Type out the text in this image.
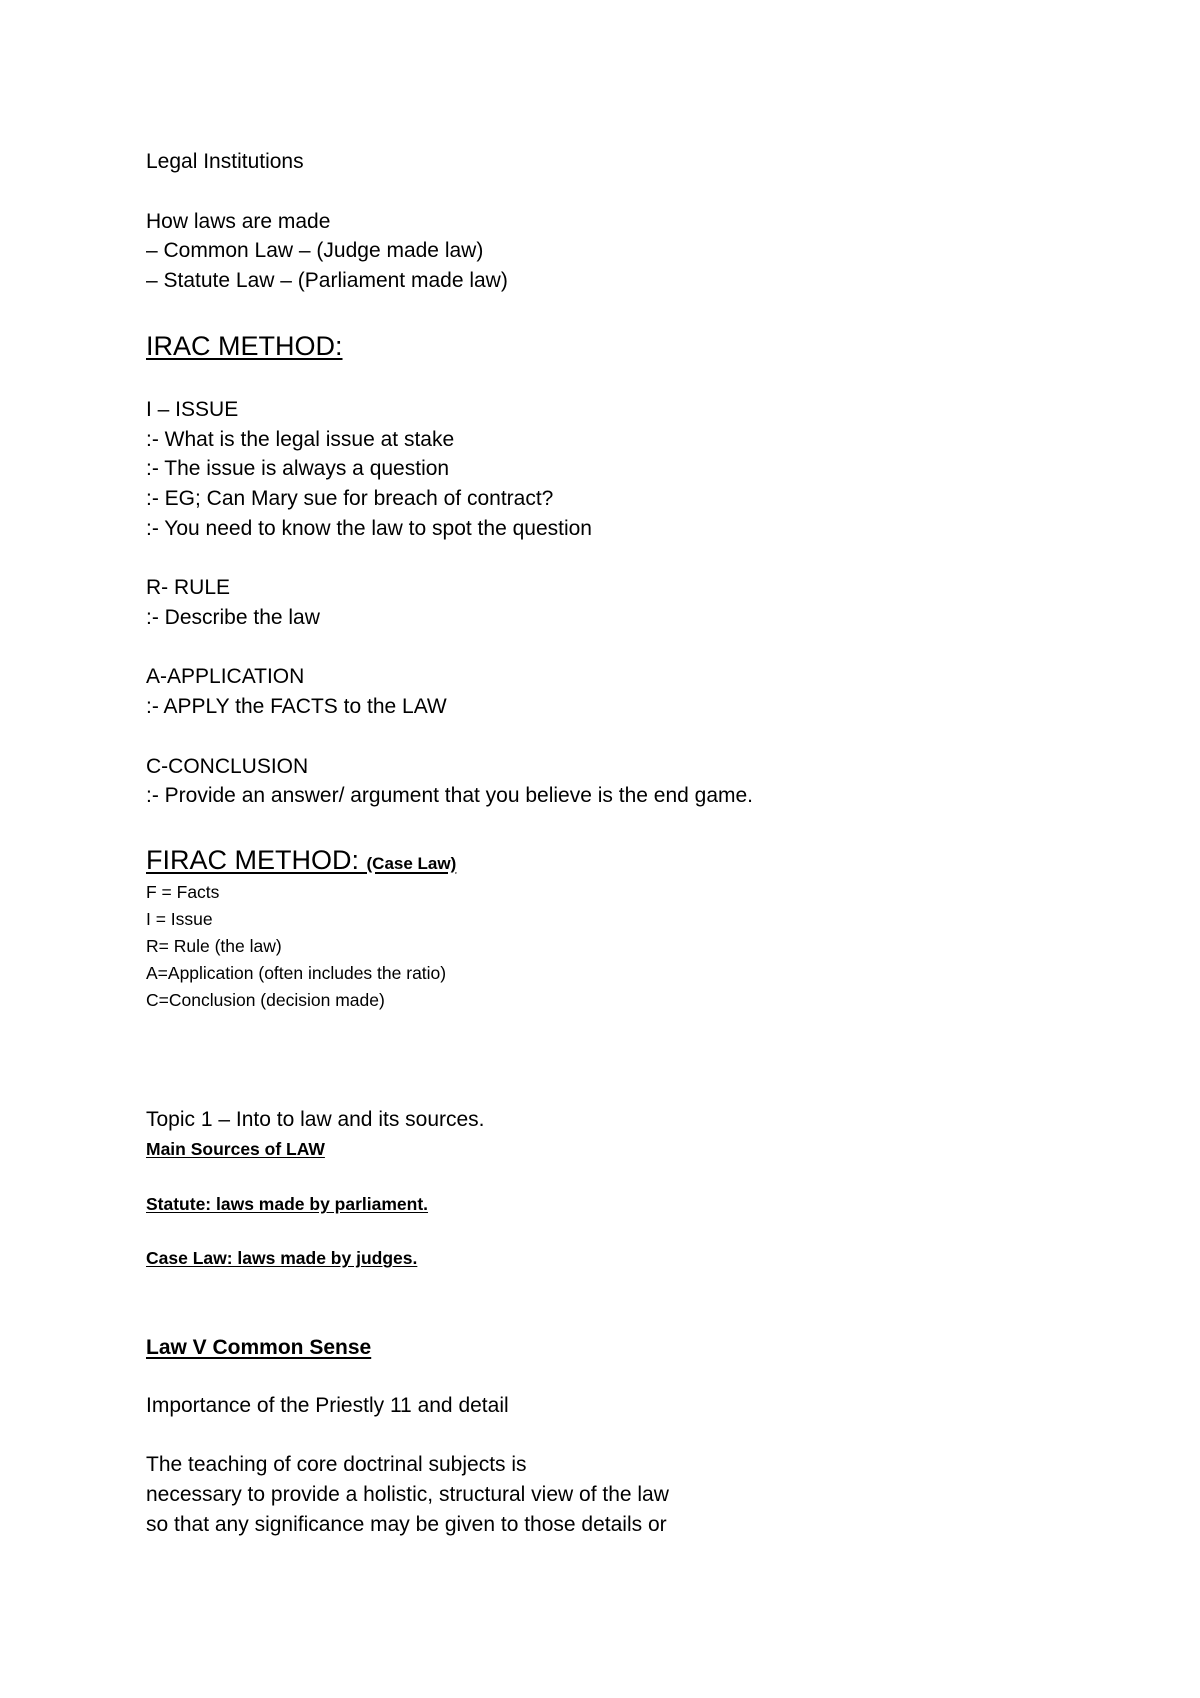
Legal Institutions

How laws are made

– Common Law – (Judge made law)

– Statute Law – (Parliament made law)

IRAC METHOD:

I – ISSUE

:- What is the legal issue at stake

:- The issue is always a question

:- EG; Can Mary sue for breach of contract?

:- You need to know the law to spot the question

R- RULE

:- Describe the law

A-APPLICATION

:- APPLY the FACTS to the LAW

C-CONCLUSION

:- Provide an answer/ argument that you believe is the end game.

FIRAC METHOD: (Case Law)

F = Facts

I = Issue

R= Rule (the law)

A=Application (often includes the ratio)

C=Conclusion (decision made)

Topic 1 – Into to law and its sources.

Main Sources of LAW

Statute: laws made by parliament.

Case Law: laws made by judges.

Law V Common Sense

Importance of the Priestly 11 and detail

The teaching of core doctrinal subjects is

necessary to provide a holistic, structural view of the law

so that any significance may be given to those details or
